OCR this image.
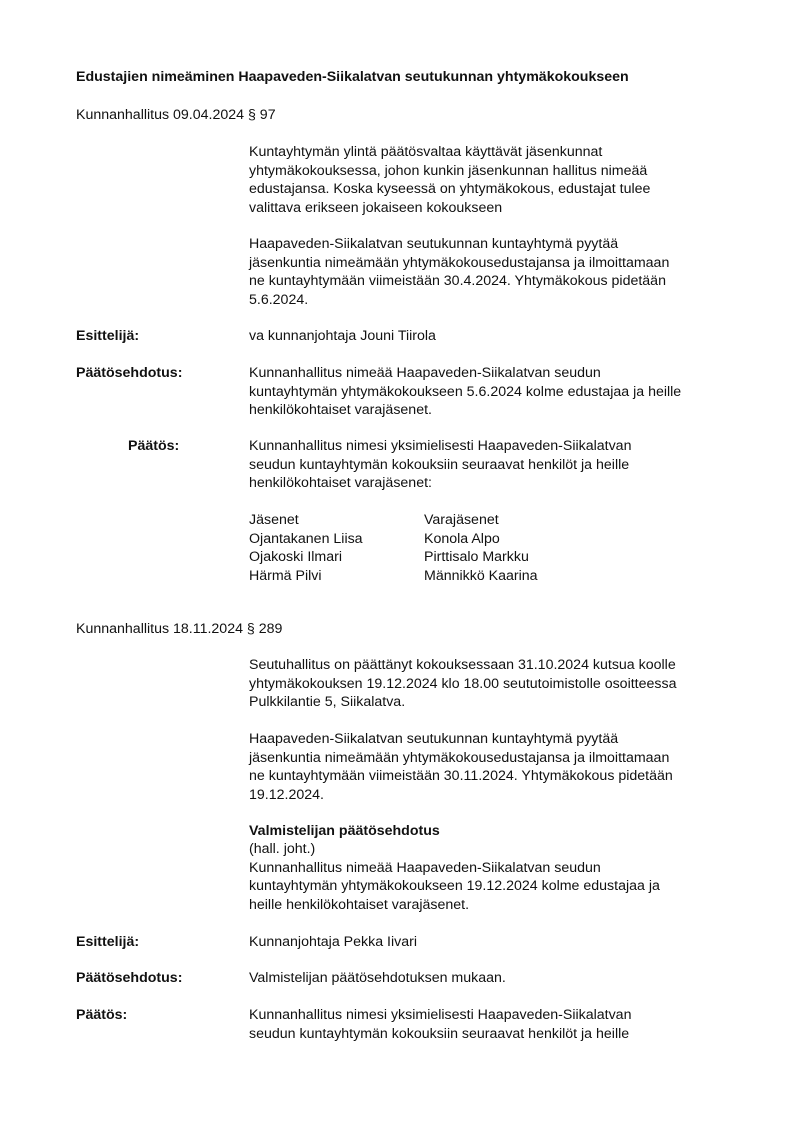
Edustajien nimeäminen Haapaveden-Siikalatvan seutukunnan yhtymäkokoukseen
Kunnanhallitus 09.04.2024 § 97

Kuntayhtymän ylintä päätösvaltaa käyttävät jäsenkunnat

yhtymäkokouksessa, johon kunkin jäsenkunnan hallitus nimeää

edustajansa. Koska kyseessä on yhtymäkokous, edustajat tulee

valittava erikseen jokaiseen kokoukseen

Haapaveden-Siikalatvan seutukunnan kuntayhtymä pyytää

jäsenkuntia nimeämään yhtymäkokousedustajansa ja ilmoittamaan

ne kuntayhtymään viimeistään 30.4.2024. Yhtymäkokous pidetään

5.6.2024.

Esittelijä:	va kunnanjohtaja Jouni Tiirola
Päätösehdotus:	Kunnanhallitus nimeää Haapaveden-Siikalatvan seudun

kuntayhtymän yhtymäkokoukseen 5.6.2024 kolme edustajaa ja heille

henkilökohtaiset varajäsenet.

Päätös:	Kunnanhallitus nimesi yksimielisesti Haapaveden-Siikalatvan

seudun kuntayhtymän kokouksiin seuraavat henkilöt ja heille

henkilökohtaiset varajäsenet:

Jäsenet	Varajäsenet
Ojantakanen Liisa	Konola Alpo
Ojakoski Ilmari	Pirttisalo Markku
Härmä Pilvi	Männikkö Kaarina
Kunnanhallitus 18.11.2024 § 289

Seutuhallitus on päättänyt kokouksessaan 31.10.2024 kutsua koolle

yhtymäkokouksen 19.12.2024 klo 18.00 seututoimistolle osoitteessa

Pulkkilantie 5, Siikalatva.

Haapaveden-Siikalatvan seutukunnan kuntayhtymä pyytää

jäsenkuntia nimeämään yhtymäkokousedustajansa ja ilmoittamaan

ne kuntayhtymään viimeistään 30.11.2024. Yhtymäkokous pidetään

19.12.2024.

Valmistelijan päätösehdotus

(hall. joht.)

Kunnanhallitus nimeää Haapaveden-Siikalatvan seudun

kuntayhtymän yhtymäkokoukseen 19.12.2024 kolme edustajaa ja

heille henkilökohtaiset varajäsenet.

Esittelijä:	Kunnanjohtaja Pekka Iivari
Päätösehdotus:	Valmistelijan päätösehdotuksen mukaan.
Päätös:	Kunnanhallitus nimesi yksimielisesti Haapaveden-Siikalatvan

seudun kuntayhtymän kokouksiin seuraavat henkilöt ja heille
